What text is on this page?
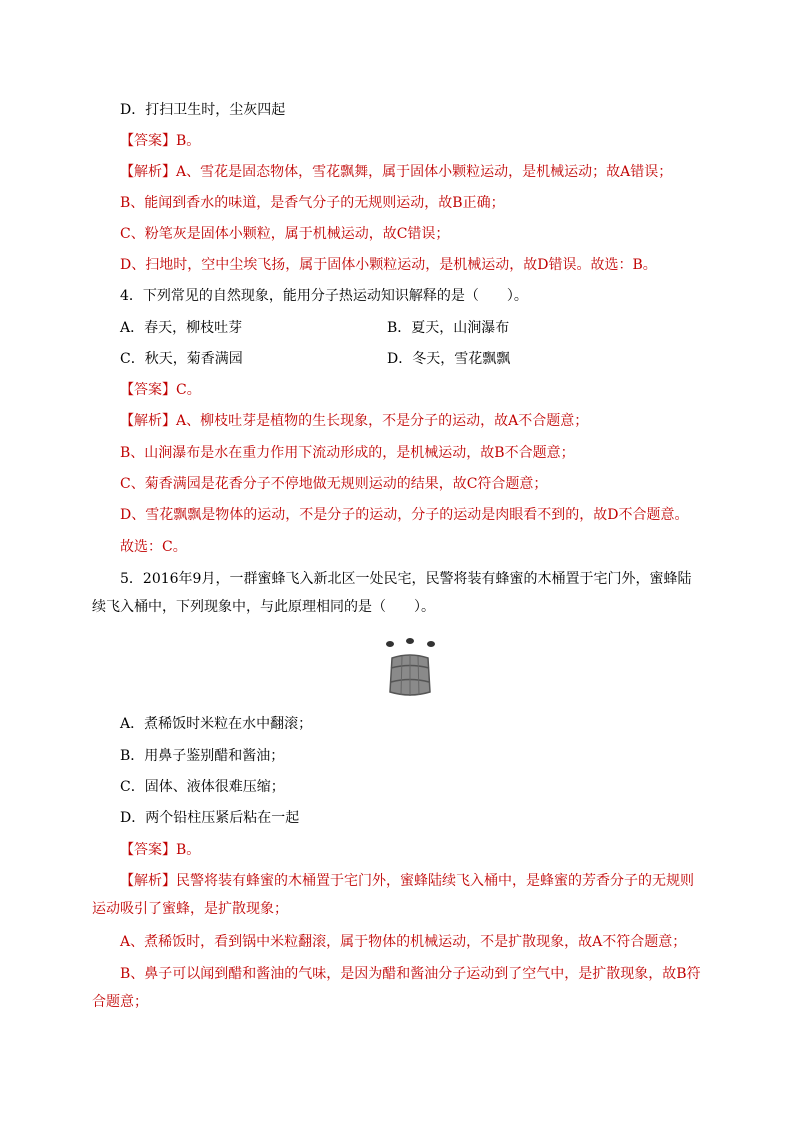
D．打扫卫生时，尘灰四起
【答案】B。
【解析】A、雪花是固态物体，雪花飘舞，属于固体小颗粒运动，是机械运动；故A错误；
B、能闻到香水的味道，是香气分子的无规则运动，故B正确；
C、粉笔灰是固体小颗粒，属于机械运动，故C错误；
D、扫地时，空中尘埃飞扬，属于固体小颗粒运动，是机械运动，故D错误。故选：B。
4．下列常见的自然现象，能用分子热运动知识解释的是（　　）。
A．春天，柳枝吐芽	B．夏天，山涧瀑布
C．秋天，菊香满园	D．冬天，雪花飘飘
【答案】C。
【解析】A、柳枝吐芽是植物的生长现象，不是分子的运动，故A不合题意；
B、山涧瀑布是水在重力作用下流动形成的，是机械运动，故B不合题意；
C、菊香满园是花香分子不停地做无规则运动的结果，故C符合题意；
D、雪花飘飘是物体的运动，不是分子的运动，分子的运动是肉眼看不到的，故D不合题意。
故选：C。
5．2016年9月，一群蜜蜂飞入新北区一处民宅，民警将装有蜂蜜的木桶置于宅门外，蜜蜂陆续飞入桶中，下列现象中，与此原理相同的是（　　）。
A．煮稀饭时米粒在水中翻滚；
B．用鼻子鉴别醋和酱油；
C．固体、液体很难压缩；
D．两个铅柱压紧后粘在一起
【答案】B。
【解析】民警将装有蜂蜜的木桶置于宅门外，蜜蜂陆续飞入桶中，是蜂蜜的芳香分子的无规则运动吸引了蜜蜂，是扩散现象；
A、煮稀饭时，看到锅中米粒翻滚，属于物体的机械运动，不是扩散现象，故A不符合题意；
B、鼻子可以闻到醋和酱油的气味，是因为醋和酱油分子运动到了空气中，是扩散现象，故B符合题意；
